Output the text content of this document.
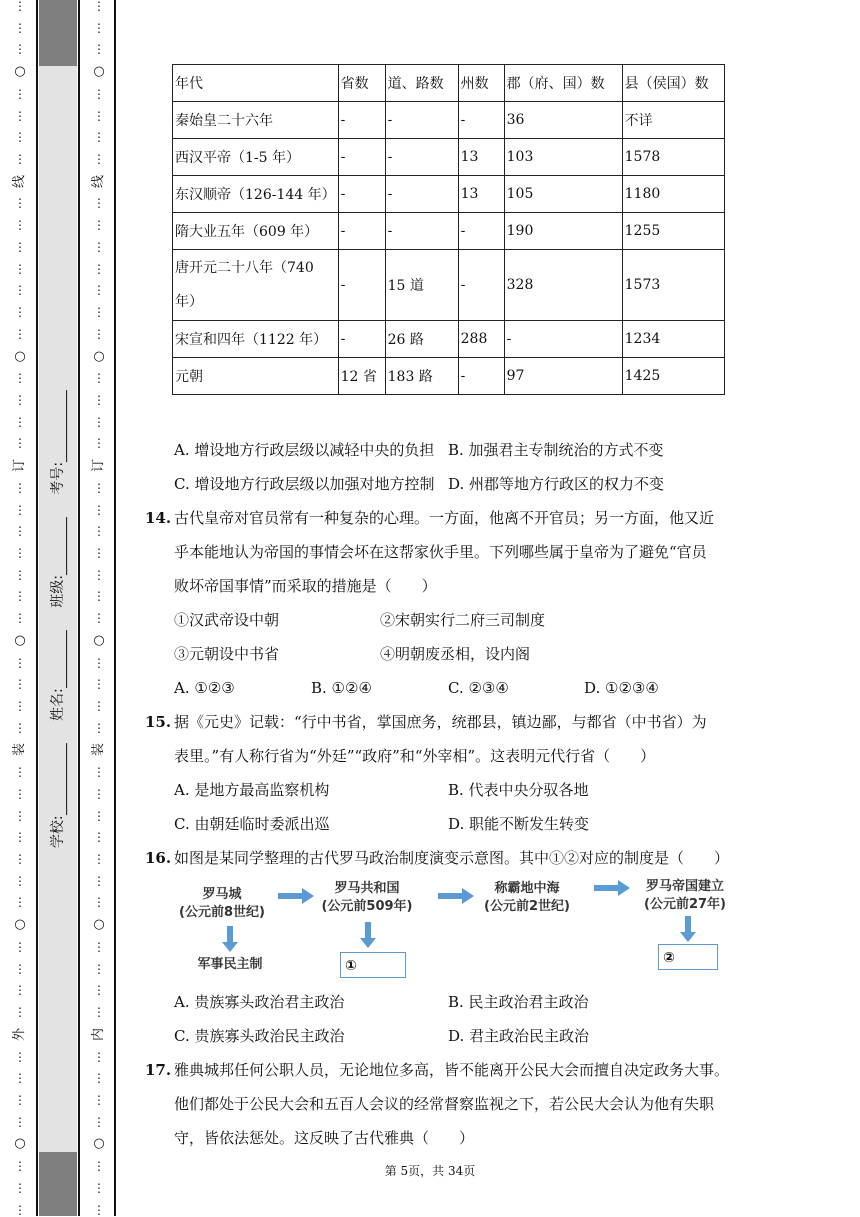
⋮
⋮
⋮
○
⋮
⋮
⋮
⋮
线
⋮
⋮
⋮
⋮
⋮
⋮
⋮
○
⋮
⋮
⋮
⋮
订
⋮
⋮
⋮
⋮
⋮
⋮
⋮
○
⋮
⋮
⋮
⋮
装
⋮
⋮
⋮
⋮
⋮
⋮
⋮
○
⋮
⋮
⋮
⋮
外
⋮
⋮
⋮
⋮
○
⋮
⋮
⋮
⋮
⋮
⋮
○
⋮
⋮
⋮
⋮
线
⋮
⋮
⋮
⋮
⋮
⋮
⋮
○
⋮
⋮
⋮
⋮
订
⋮
⋮
⋮
⋮
⋮
⋮
⋮
○
⋮
⋮
⋮
⋮
装
⋮
⋮
⋮
⋮
⋮
⋮
⋮
○
⋮
⋮
⋮
⋮
内
⋮
⋮
⋮
⋮
○
⋮
⋮
⋮
学校: 姓名: 班级: 考号:
年代	省数	道、路数	州数	郡（府、国）数	县（侯国）数
秦始皇二十六年	-	-	-	36	不详
西汉平帝（1-5 年）	-	-	13	103	1578
东汉顺帝（126-144 年）	-	-	13	105	1180
隋大业五年（609 年）	-	-	-	190	1255
唐开元二十八年（740 年）	-	15 道	-	328	1573
宋宣和四年（1122 年）	-	26 路	288	-	1234
元朝	12 省	183 路	-	97	1425
A. 增设地方行政层级以减轻中央的负担 B. 加强君主专制统治的方式不变
C. 增设地方行政层级以加强对地方控制 D. 州郡等地方行政区的权力不变
14. 古代皇帝对官员常有一种复杂的心理。一方面，他离不开官员；另一方面，他又近
乎本能地认为帝国的事情会坏在这帮家伙手里。下列哪些属于皇帝为了避免“官员
败坏帝国事情”而采取的措施是（　　）
①汉武帝设中朝	②宋朝实行二府三司制度
③元朝设中书省	④明朝废丞相，设内阁
A. ①②③	B. ①②④	C. ②③④	D. ①②③④
15. 据《元史》记载：“行中书省，掌国庶务，统郡县，镇边鄙，与都省（中书省）为
表里。”有人称行省为“外廷”“政府”和“外宰相”。这表明元代行省（　　）
A. 是地方最高监察机构	B. 代表中央分驭各地
C. 由朝廷临时委派出巡	D. 职能不断发生转变
16. 如图是某同学整理的古代罗马政治制度演变示意图。其中①②对应的制度是（　　）
罗马城
(公元前8世纪)
罗马共和国
(公元前509年)
称霸地中海
(公元前2世纪)
罗马帝国建立
(公元前27年)
军事民主制	①	②
A. 贵族寡头政治君主政治	B. 民主政治君主政治
C. 贵族寡头政治民主政治	D. 君主政治民主政治
17. 雅典城邦任何公职人员，无论地位多高，皆不能离开公民大会而擅自决定政务大事。
他们都处于公民大会和五百人会议的经常督察监视之下，若公民大会认为他有失职
守，皆依法惩处。这反映了古代雅典（　　）
第 5页，共 34页
